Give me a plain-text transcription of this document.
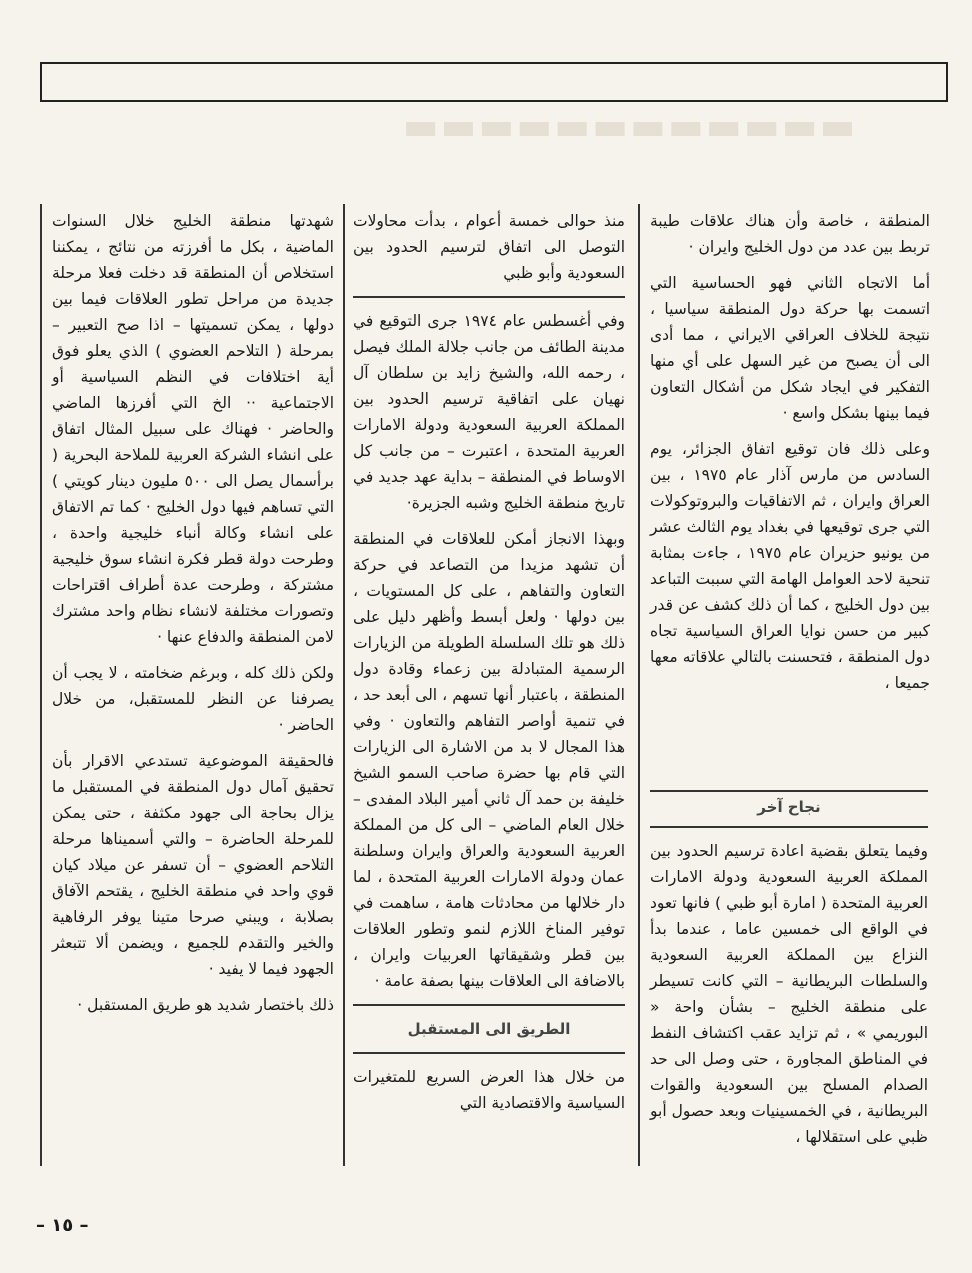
▬▬▬▬▬▬▬▬▬▬▬▬

المنطقة ، خاصة وأن هناك علاقات طيبة تربط بين عدد من دول الخليج وايران ·

أما الاتجاه الثاني فهو الحساسية التي اتسمت بها حركة دول المنطقة سياسيا ، نتيجة للخلاف العراقي الايراني ، مما أدى الى أن يصبح من غير السهل على أي منها التفكير في ايجاد شكل من أشكال التعاون فيما بينها بشكل واسع ·

وعلى ذلك فان توقيع اتفاق الجزائر، يوم السادس من مارس آذار عام ١٩٧٥ ، بين العراق وايران ، ثم الاتفاقيات والبروتوكولات التي جرى توقيعها في بغداد يوم الثالث عشر من يونيو حزيران عام ١٩٧٥ ، جاءت بمثابة تنحية لاحد العوامل الهامة التي سببت التباعد بين دول الخليج ، كما أن ذلك كشف عن قدر كبير من حسن نوايا العراق السياسية تجاه دول المنطقة ، فتحسنت بالتالي علاقاته معها جميعا ،

نجاح آخر

وفيما يتعلق بقضية اعادة ترسيم الحدود بين المملكة العربية السعودية ودولة الامارات العربية المتحدة ( امارة أبو ظبي ) فانها تعود في الواقع الى خمسين عاما ، عندما بدأ النزاع بين المملكة العربية السعودية والسلطات البريطانية – التي كانت تسيطر على منطقة الخليج – بشأن واحة « البوريمي » ، ثم تزايد عقب اكتشاف النفط في المناطق المجاورة ، حتى وصل الى حد الصدام المسلح بين السعودية والقوات البريطانية ، في الخمسينيات وبعد حصول أبو ظبي على استقلالها ،

منذ حوالى خمسة أعوام ، بدأت محاولات التوصل الى اتفاق لترسيم الحدود بين السعودية وأبو ظبي

وفي أغسطس عام ١٩٧٤ جرى التوقيع في مدينة الطائف من جانب جلالة الملك فيصل ، رحمه الله، والشيخ زايد بن سلطان آل نهيان على اتفاقية ترسيم الحدود بين المملكة العربية السعودية ودولة الامارات العربية المتحدة ، اعتبرت – من جانب كل الاوساط في المنطقة – بداية عهد جديد في تاريخ منطقة الخليج وشبه الجزيرة·

وبهذا الانجاز أمكن للعلاقات في المنطقة أن تشهد مزيدا من التصاعد في حركة التعاون والتفاهم ، على كل المستويات ، بين دولها · ولعل أبسط وأظهر دليل على ذلك هو تلك السلسلة الطويلة من الزيارات الرسمية المتبادلة بين زعماء وقادة دول المنطقة ، باعتبار أنها تسهم ، الى أبعد حد ، في تنمية أواصر التفاهم والتعاون · وفي هذا المجال لا بد من الاشارة الى الزيارات التي قام بها حضرة صاحب السمو الشيخ خليفة بن حمد آل ثاني أمير البلاد المفدى – خلال العام الماضي – الى كل من المملكة العربية السعودية والعراق وايران وسلطنة عمان ودولة الامارات العربية المتحدة ، لما دار خلالها من محادثات هامة ، ساهمت في توفير المناخ اللازم لنمو وتطور العلاقات بين قطر وشقيقاتها العربيات وايران ، بالاضافة الى العلاقات بينها بصفة عامة ·

الطريق الى المستقبل

من خلال هذا العرض السريع للمتغيرات السياسية والاقتصادية التي

شهدتها منطقة الخليج خلال السنوات الماضية ، بكل ما أفرزته من نتائج ، يمكننا استخلاص أن المنطقة قد دخلت فعلا مرحلة جديدة من مراحل تطور العلاقات فيما بين دولها ، يمكن تسميتها – اذا صح التعبير – بمرحلة ( التلاحم العضوي ) الذي يعلو فوق أية اختلافات في النظم السياسية أو الاجتماعية ·· الخ التي أفرزها الماضي والحاضر · فهناك على سبيل المثال اتفاق على انشاء الشركة العربية للملاحة البحرية ( برأسمال يصل الى ٥٠٠ مليون دينار كويتي ) التي تساهم فيها دول الخليج · كما تم الاتفاق على انشاء وكالة أنباء خليجية واحدة ، وطرحت دولة قطر فكرة انشاء سوق خليجية مشتركة ، وطرحت عدة أطراف اقتراحات وتصورات مختلفة لانشاء نظام واحد مشترك لامن المنطقة والدفاع عنها ·

ولكن ذلك كله ، وبرغم ضخامته ، لا يجب أن يصرفنا عن النظر للمستقبل، من خلال الحاضر ·

فالحقيقة الموضوعية تستدعي الاقرار بأن تحقيق آمال دول المنطقة في المستقبل ما يزال بحاجة الى جهود مكثفة ، حتى يمكن للمرحلة الحاضرة – والتي أسميناها مرحلة التلاحم العضوي – أن تسفر عن ميلاد كيان قوي واحد في منطقة الخليج ، يقتحم الآفاق بصلابة ، ويبني صرحا متينا يوفر الرفاهية والخير والتقدم للجميع ، ويضمن ألا تتبعثر الجهود فيما لا يفيد ·

ذلك باختصار شديد هو طريق المستقبل ·

– ١٥ –
